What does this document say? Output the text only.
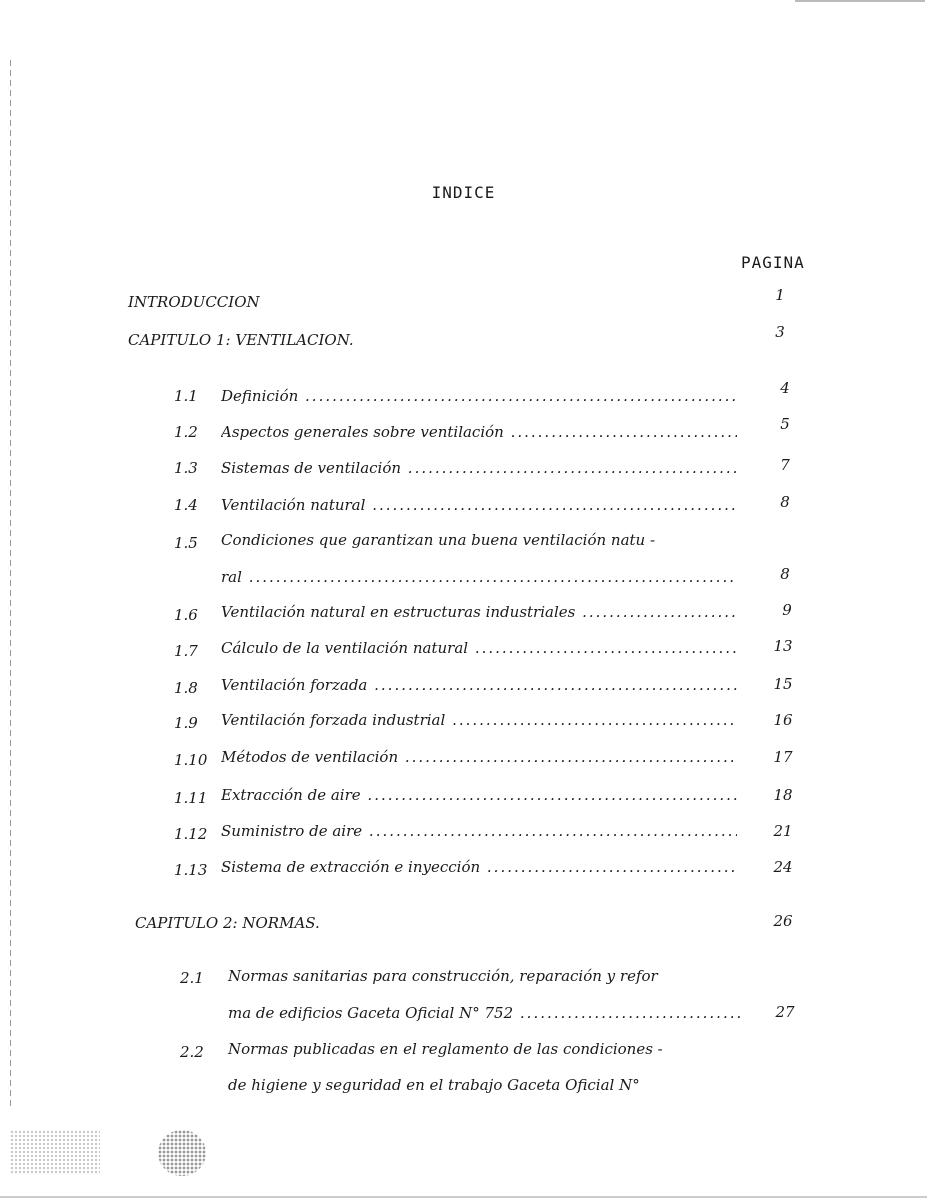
INDICE
PAGINA
INTRODUCCION	1
CAPITULO 1: VENTILACION.	3
1.1 Definición .....	4
1.2 Aspectos generales sobre ventilación .....	5
1.3 Sistemas de ventilación .....	7
1.4 Ventilación natural .....	8
1.5 Condiciones que garantizan una buena ventilación natu -
ral .....	8
1.6 Ventilación natural en estructuras industriales .....	9
1.7 Cálculo de la ventilación natural .....	13
1.8 Ventilación forzada .....	15
1.9 Ventilación forzada industrial .....	16
1.10 Métodos de ventilación .....	17
1.11 Extracción de aire .....	18
1.12 Suministro de aire .....	21
1.13 Sistema de extracción e inyección .....	24
CAPITULO 2: NORMAS.	26
2.1 Normas sanitarias para construcción, reparación y refor
ma de edificios Gaceta Oficial N° 752 .....	27
2.2 Normas publicadas en el reglamento de las condiciones -
de higiene y seguridad en el trabajo Gaceta Oficial N°
